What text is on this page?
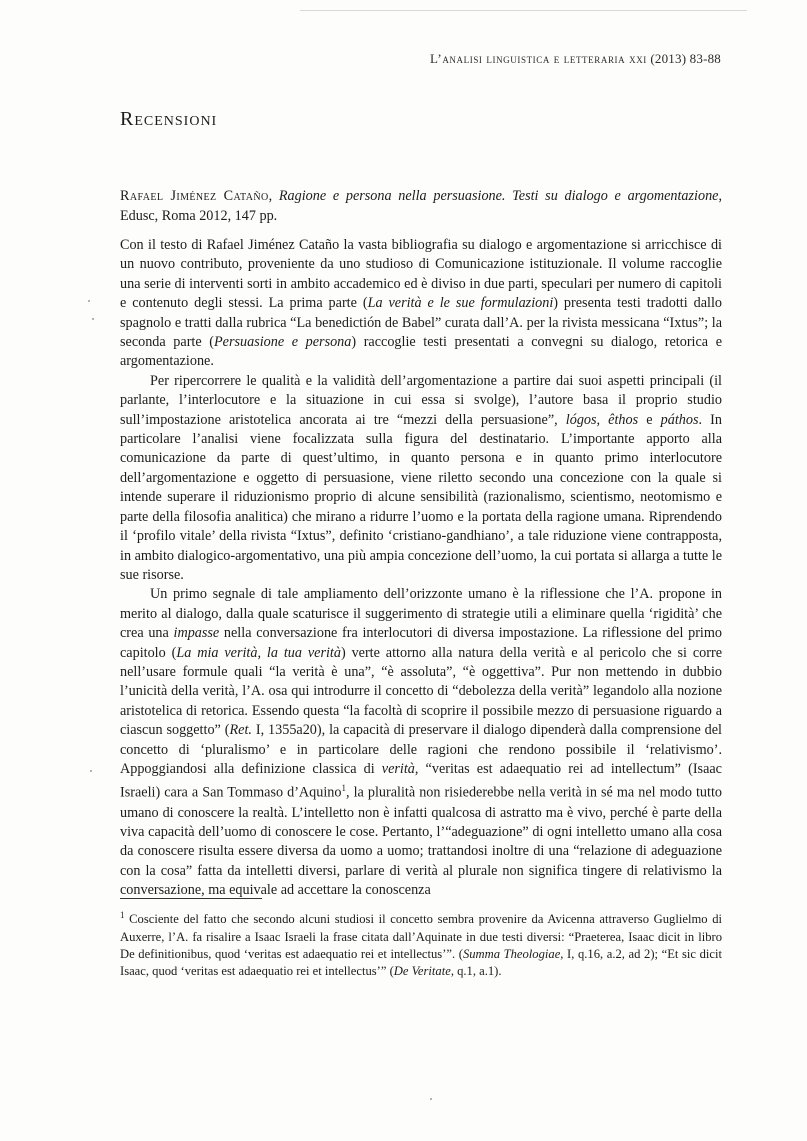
L’analisi linguistica e letteraria xxi (2013) 83-88
Recensioni
Rafael Jiménez Cataño, Ragione e persona nella persuasione. Testi su dialogo e argomentazione, Edusc, Roma 2012, 147 pp.

Con il testo di Rafael Jiménez Cataño la vasta bibliografia su dialogo e argomentazione si arricchisce di un nuovo contributo, proveniente da uno studioso di Comunicazione istituzionale. Il volume raccoglie una serie di interventi sorti in ambito accademico ed è diviso in due parti, speculari per numero di capitoli e contenuto degli stessi. La prima parte (La verità e le sue formulazioni) presenta testi tradotti dallo spagnolo e tratti dalla rubrica “La benedictión de Babel” curata dall’A. per la rivista messicana “Ixtus”; la seconda parte (Persuasione e persona) raccoglie testi presentati a convegni su dialogo, retorica e argomentazione.

Per ripercorrere le qualità e la validità dell’argomentazione a partire dai suoi aspetti principali (il parlante, l’interlocutore e la situazione in cui essa si svolge), l’autore basa il proprio studio sull’impostazione aristotelica ancorata ai tre “mezzi della persuasione”, lógos, êthos e páthos. In particolare l’analisi viene focalizzata sulla figura del destinatario. L’importante apporto alla comunicazione da parte di quest’ultimo, in quanto persona e in quanto primo interlocutore dell’argomentazione e oggetto di persuasione, viene riletto secondo una concezione con la quale si intende superare il riduzionismo proprio di alcune sensibilità (razionalismo, scientismo, neotomismo e parte della filosofia analitica) che mirano a ridurre l’uomo e la portata della ragione umana. Riprendendo il ‘profilo vitale’ della rivista “Ixtus”, definito ‘cristiano-gandhiano’, a tale riduzione viene contrapposta, in ambito dialogico-argomentativo, una più ampia concezione dell’uomo, la cui portata si allarga a tutte le sue risorse.

Un primo segnale di tale ampliamento dell’orizzonte umano è la riflessione che l’A. propone in merito al dialogo, dalla quale scaturisce il suggerimento di strategie utili a eliminare quella ‘rigidità’ che crea una impasse nella conversazione fra interlocutori di diversa impostazione. La riflessione del primo capitolo (La mia verità, la tua verità) verte attorno alla natura della verità e al pericolo che si corre nell’usare formule quali “la verità è una”, “è assoluta”, “è oggettiva”. Pur non mettendo in dubbio l’unicità della verità, l’A. osa qui introdurre il concetto di “debolezza della verità” legandolo alla nozione aristotelica di retorica. Essendo questa “la facoltà di scoprire il possibile mezzo di persuasione riguardo a ciascun soggetto” (Ret. I, 1355a20), la capacità di preservare il dialogo dipenderà dalla comprensione del concetto di ‘pluralismo’ e in particolare delle ragioni che rendono possibile il ‘relativismo’. Appoggiandosi alla definizione classica di verità, “veritas est adaequatio rei ad intellectum” (Isaac Israeli) cara a San Tommaso d’Aquino$^1$, la pluralità non risiederebbe nella verità in sé ma nel modo tutto umano di conoscere la realtà. L’intelletto non è infatti qualcosa di astratto ma è vivo, perché è parte della viva capacità dell’uomo di conoscere le cose. Pertanto, l’“adeguazione” di ogni intelletto umano alla cosa da conoscere risulta essere diversa da uomo a uomo; trattandosi inoltre di una “relazione di adeguazione con la cosa” fatta da intelletti diversi, parlare di verità al plurale non significa tingere di relativismo la conversazione, ma equivale ad accettare la conoscenza

$^1$ Cosciente del fatto che secondo alcuni studiosi il concetto sembra provenire da Avicenna attraverso Guglielmo di Auxerre, l’A. fa risalire a Isaac Israeli la frase citata dall’Aquinate in due testi diversi: “Praeterea, Isaac dicit in libro De definitionibus, quod ‘veritas est adaequatio rei et intellectus’”. (Summa Theologiae, I, q.16, a.2, ad 2); “Et sic dicit Isaac, quod ‘veritas est adaequatio rei et intellectus’” (De Veritate, q.1, a.1).
